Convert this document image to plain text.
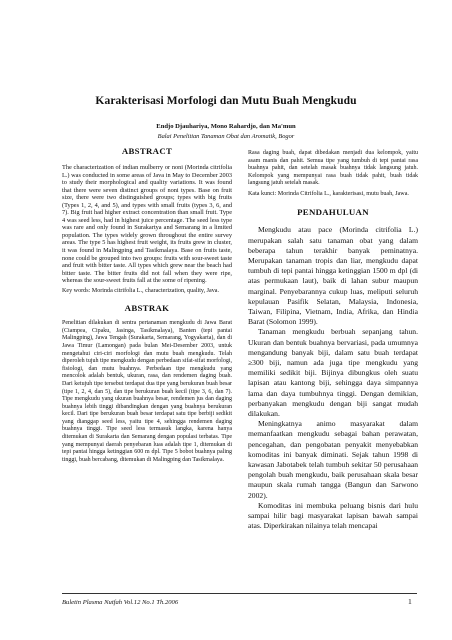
Karakterisasi Morfologi dan Mutu Buah Mengkudu
Endjo Djauhariya, Mono Rahardjo, dan Ma'mun
Balai Penelitian Tanaman Obat dan Aromatik, Bogor
ABSTRACT

The characterization of indian mulberry or noni (Morinda citrifolia L.) was conducted in some areas of Java in May to December 2003 to study their morphological and quality variations. It was found that there were seven distinct groups of noni types. Base on fruit size, there were two distinguished groups; types with big fruits (Types 1, 2, 4, and 5), and types with small fruits (types 3, 6, and 7). Big fruit had higher extract concentration than small fruit. Type 4 was seed less, had in highest juice percentage. The seed less type was rare and only found in Surakartya and Semarang in a limited population. The types widely grown throughout the entire survey areas. The type 5 has highest fruit weight, its fruits grew in cluster, it was found in Malingping and Tasikmalaya. Base on fruits taste, none could be grouped into two groups: fruits with sour-sweet taste and fruit with bitter taste. All types which grew near the beach had bitter taste. The bitter fruits did not fall when they were ripe, whereas the sour-sweet fruits fall at the some of ripening.

Key words: Morinda citrifolia L., characterization, quality, Java.

ABSTRAK

Penelitian dilakukan di sentra pertanaman mengkudu di Jawa Barat (Ciampea, Cipaku, Jasinga, Tasikmalaya), Banten (tepi pantai Malingping), Jawa Tengah (Surakarta, Semarang, Yogyakarta), dan di Jawa Timur (Lamongan) pada bulan Mei-Desember 2003, untuk mengetahui ciri-ciri morfologi dan mutu buah mengkudu. Telah diperoleh tujuh tipe mengkudu dengan perbedaan sifat-sifat morfologi, fisiologi, dan mutu buahnya. Perbedaan tipe mengkudu yang mencolok adalah bentuk, ukuran, rasa, dan rendemen daging buah. Dari ketujuh tipe tersebut terdapat dua tipe yang berukuran buah besar (tipe 1, 2, 4, dan 5), dan tipe berukuran buah kecil (tipe 3, 6, dan 7). Tipe mengkudu yang ukuran buahnya besar, rendemen jus dan daging buahnya lebih tinggi dibandingkan dengan yang buahnya berukuran kecil. Dari tipe berukuran buah besar terdapat satu tipe berbiji sedikit yang dianggap seed less, yaitu tipe 4, sehingga rendemen daging buahnya tinggi. Tipe seed less termasuk langka, karena hanya ditemukan di Surakarta dan Semarang dengan populasi terbatas. Tipe yang mempunyai daerah penyebaran luas adalah tipe 1, ditemukan di tepi pantai hingga ketinggian 600 m dpl. Tipe 5 bobot buahnya paling tinggi, buah bercabang, ditemukan di Malingping dan Tasikmalaya.

Rasa daging buah, dapat dibedakan menjadi dua kelompok, yaitu asam manis dan pahit. Semua tipe yang tumbuh di tepi pantai rasa buahnya pahit, dan setelah masak buahnya tidak langsung jatuh. Kelompok yang mempunyai rasa buah tidak pahit, buah tidak langsung jatuh setelah masak.

Kata kunci: Morinda Citrifolia L., karakterisasi, mutu buah, Jawa.

PENDAHULUAN

Mengkudu atau pace (Morinda citrifolia L.) merupakan salah satu tanaman obat yang dalam beberapa tahun terakhir banyak peminatnya. Merupakan tanaman tropis dan liar, mengkudu dapat tumbuh di tepi pantai hingga ketinggian 1500 m dpl (di atas permukaan laut), baik di lahan subur maupun marginal. Penyebarannya cukup luas, meliputi seluruh kepulauan Pasifik Selatan, Malaysia, Indonesia, Taiwan, Filipina, Vietnam, India, Afrika, dan Hindia Barat (Solomon 1999).

Tanaman mengkudu berbuah sepanjang tahun. Ukuran dan bentuk buahnya bervariasi, pada umumnya mengandung banyak biji, dalam satu buah terdapat ≥300 biji, namun ada juga tipe mengkudu yang memiliki sedikit biji. Bijinya dibungkus oleh suatu lapisan atau kantong biji, sehingga daya simpannya lama dan daya tumbuhnya tinggi. Dengan demikian, perbanyakan mengkudu dengan biji sangat mudah dilakukan.

Meningkatnya animo masyarakat dalam memanfaatkan mengkudu sebagai bahan perawatan, pencegahan, dan pengobatan penyakit menyebabkan komoditas ini banyak diminati. Sejak tahun 1998 di kawasan Jabotabek telah tumbuh sekitar 50 perusahaan pengolah buah mengkudu, baik perusahaan skala besar maupun skala rumah tangga (Bangun dan Sarwono 2002).

Komoditas ini membuka peluang bisnis dari hulu sampai hilir bagi masyarakat lapisan bawah sampai atas. Diperkirakan nilainya telah mencapai

Buletin Plasma Nutfah Vol.12 No.1 Th.2006	1
